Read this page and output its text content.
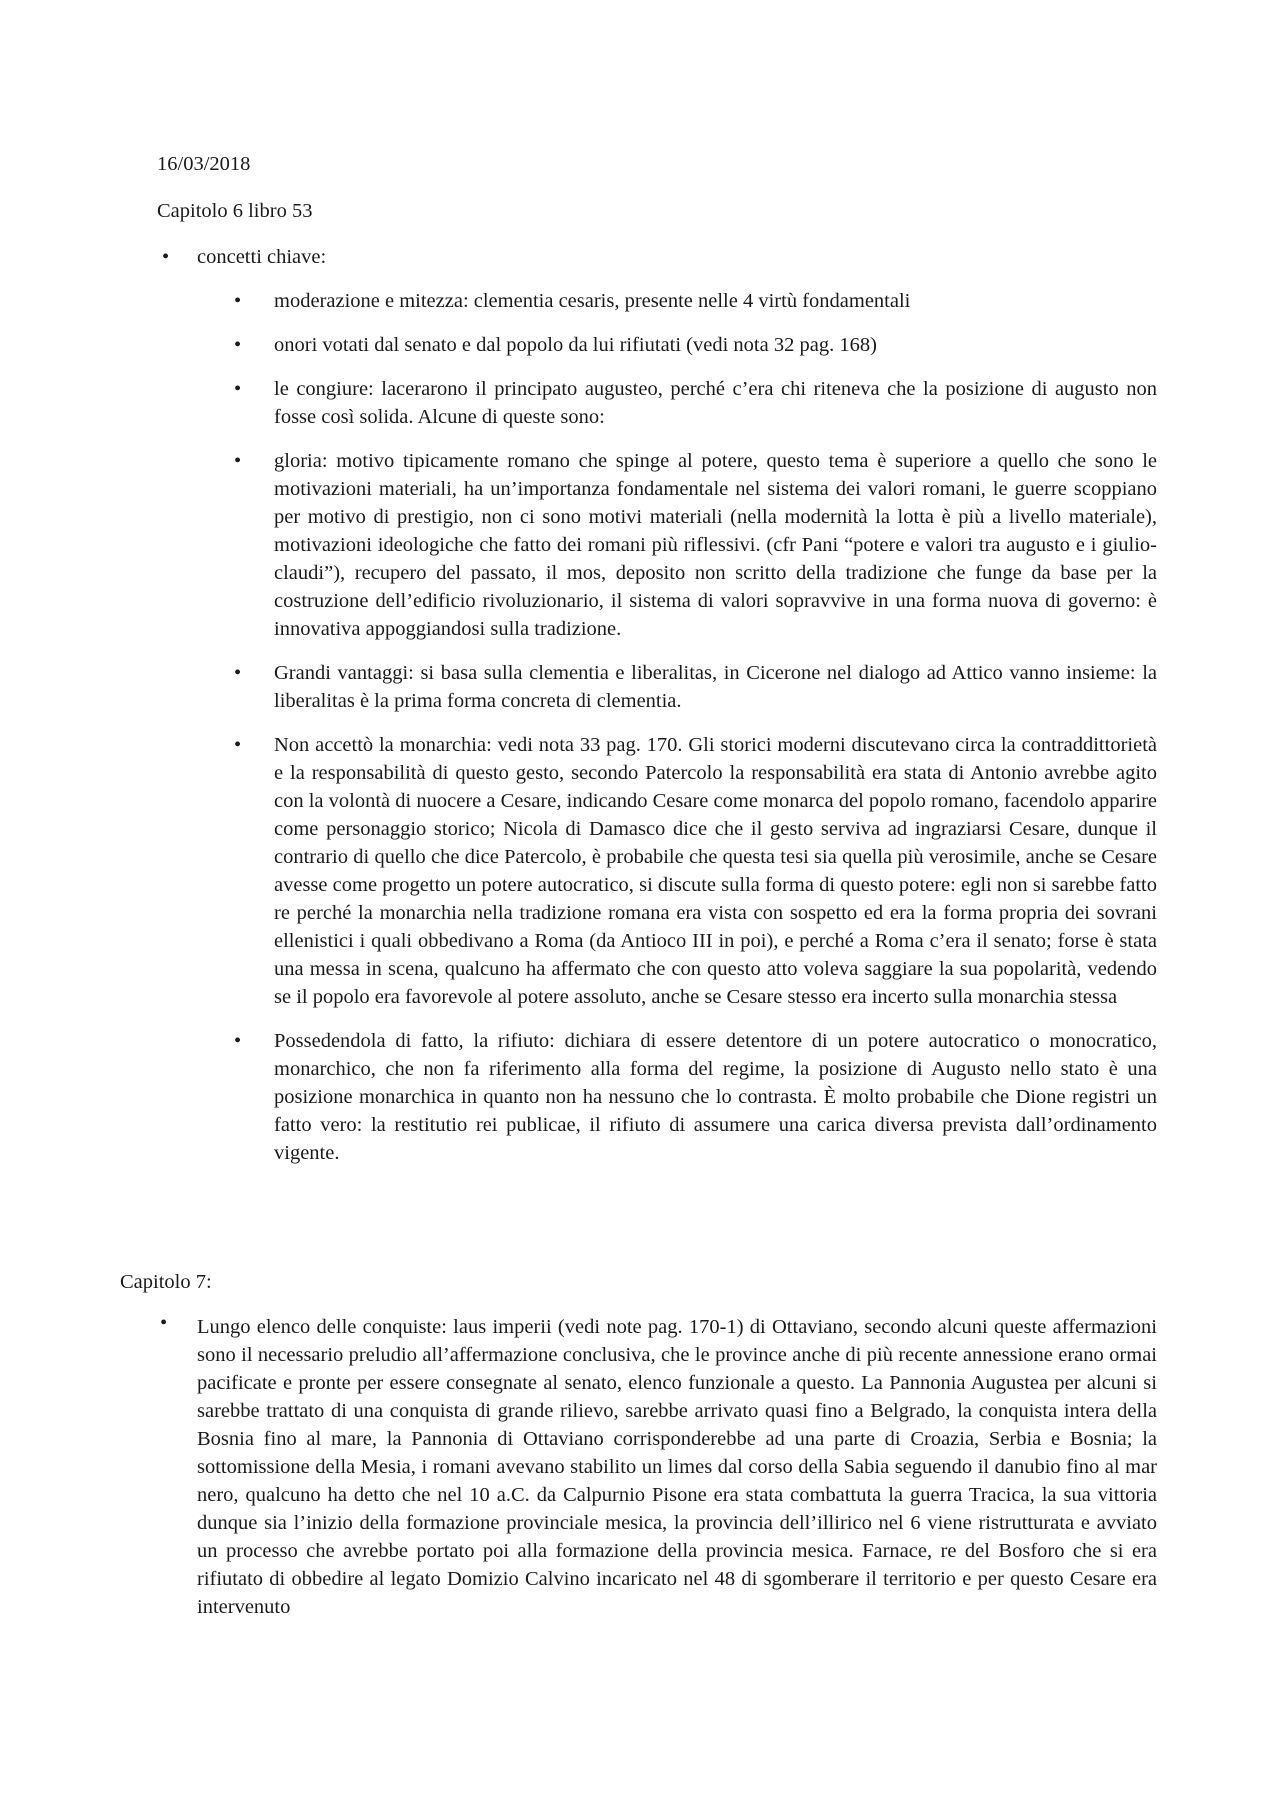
16/03/2018
Capitolo 6 libro 53
• concetti chiave:
• moderazione e mitezza: clementia cesaris, presente nelle 4 virtù fondamentali
• onori votati dal senato e dal popolo da lui rifiutati (vedi nota 32 pag. 168)
• le congiure: lacerarono il principato augusteo, perché c’era chi riteneva che la posizione di augusto non fosse così solida. Alcune di queste sono:
• gloria: motivo tipicamente romano che spinge al potere, questo tema è superiore a quello che sono le motivazioni materiali, ha un’importanza fondamentale nel sistema dei valori romani, le guerre scoppiano per motivo di prestigio, non ci sono motivi materiali (nella modernità la lotta è più a livello materiale), motivazioni ideologiche che fatto dei romani più riflessivi. (cfr Pani “potere e valori tra augusto e i giulio-claudi”), recupero del passato, il mos, deposito non scritto della tradizione che funge da base per la costruzione dell’edificio rivoluzionario, il sistema di valori sopravvive in una forma nuova di governo: è innovativa appoggiandosi sulla tradizione.
• Grandi vantaggi: si basa sulla clementia e liberalitas, in Cicerone nel dialogo ad Attico vanno insieme: la liberalitas è la prima forma concreta di clementia.
• Non accettò la monarchia: vedi nota 33 pag. 170. Gli storici moderni discutevano circa la contraddittorietà e la responsabilità di questo gesto, secondo Patercolo la responsabilità era stata di Antonio avrebbe agito con la volontà di nuocere a Cesare, indicando Cesare come monarca del popolo romano, facendolo apparire come personaggio storico; Nicola di Damasco dice che il gesto serviva ad ingraziarsi Cesare, dunque il contrario di quello che dice Patercolo, è probabile che questa tesi sia quella più verosimile, anche se Cesare avesse come progetto un potere autocratico, si discute sulla forma di questo potere: egli non si sarebbe fatto re perché la monarchia nella tradizione romana era vista con sospetto ed era la forma propria dei sovrani ellenistici i quali obbedivano a Roma (da Antioco III in poi), e perché a Roma c’era il senato; forse è stata una messa in scena, qualcuno ha affermato che con questo atto voleva saggiare la sua popolarità, vedendo se il popolo era favorevole al potere assoluto, anche se Cesare stesso era incerto sulla monarchia stessa
• Possedendola di fatto, la rifiuto: dichiara di essere detentore di un potere autocratico o monocratico, monarchico, che non fa riferimento alla forma del regime, la posizione di Augusto nello stato è una posizione monarchica in quanto non ha nessuno che lo contrasta. È molto probabile che Dione registri un fatto vero: la restitutio rei publicae, il rifiuto di assumere una carica diversa prevista dall’ordinamento vigente.
Capitolo 7:
• Lungo elenco delle conquiste: laus imperii (vedi note pag. 170-1) di Ottaviano, secondo alcuni queste affermazioni sono il necessario preludio all’affermazione conclusiva, che le province anche di più recente annessione erano ormai pacificate e pronte per essere consegnate al senato, elenco funzionale a questo. La Pannonia Augustea per alcuni si sarebbe trattato di una conquista di grande rilievo, sarebbe arrivato quasi fino a Belgrado, la conquista intera della Bosnia fino al mare, la Pannonia di Ottaviano corrisponderebbe ad una parte di Croazia, Serbia e Bosnia; la sottomissione della Mesia, i romani avevano stabilito un limes dal corso della Sabia seguendo il danubio fino al mar nero, qualcuno ha detto che nel 10 a.C. da Calpurnio Pisone era stata combattuta la guerra Tracica, la sua vittoria dunque sia l’inizio della formazione provinciale mesica, la provincia dell’illirico nel 6 viene ristrutturata e avviato un processo che avrebbe portato poi alla formazione della provincia mesica. Farnace, re del Bosforo che si era rifiutato di obbedire al legato Domizio Calvino incaricato nel 48 di sgomberare il territorio e per questo Cesare era intervenuto
